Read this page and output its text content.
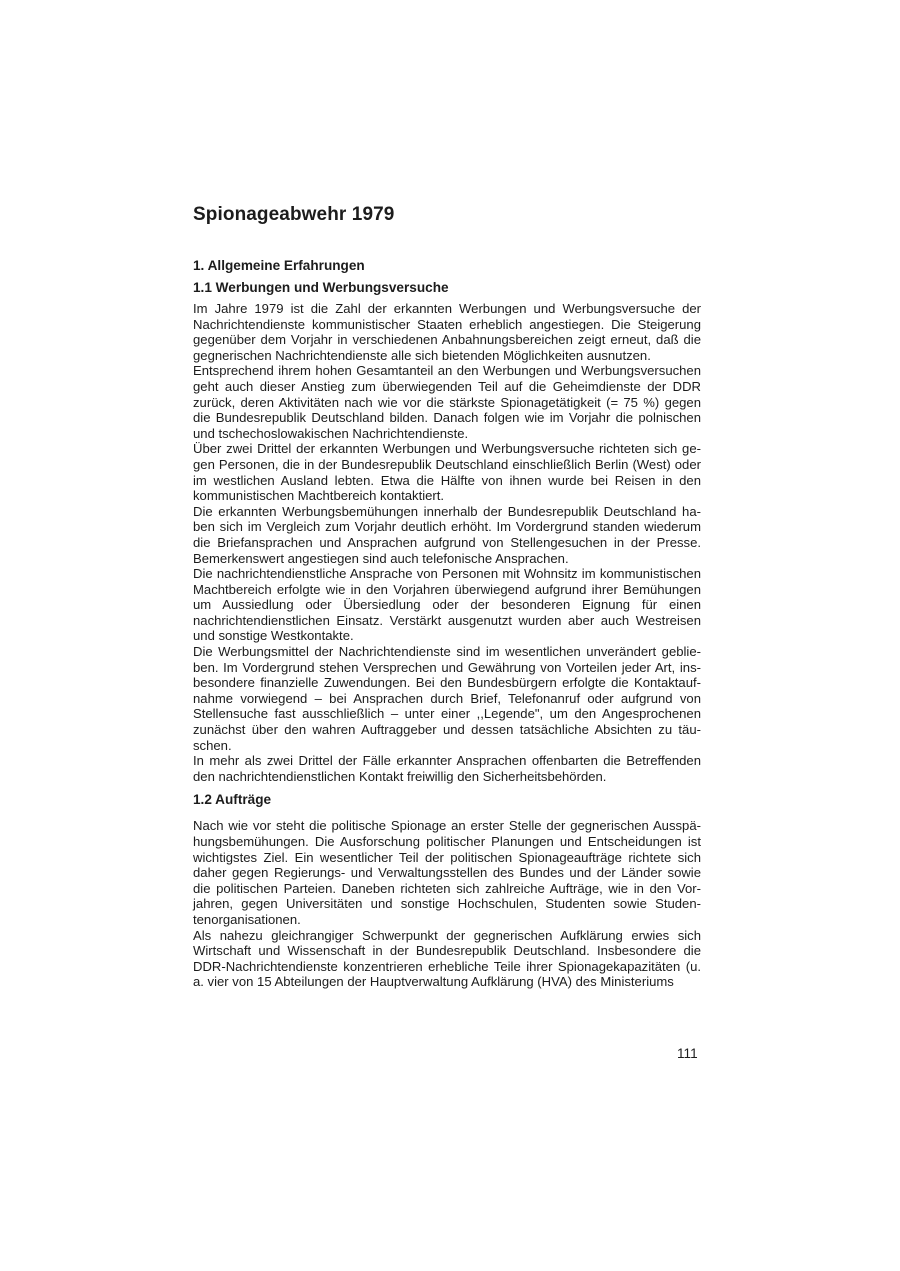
Spionageabwehr 1979
1. Allgemeine Erfahrungen
1.1 Werbungen und Werbungsversuche

Im Jahre 1979 ist die Zahl der erkannten Werbungen und Werbungsversuche der Nachrichtendienste kommunistischer Staaten erheblich angestiegen. Die Steigerung gegenüber dem Vorjahr in verschiedenen Anbahnungsbereichen zeigt erneut, daß die gegnerischen Nachrichtendienste alle sich bietenden Möglichkeiten ausnutzen.

Entsprechend ihrem hohen Gesamtanteil an den Werbungen und Werbungsversuchen geht auch dieser Anstieg zum überwiegenden Teil auf die Geheimdienste der DDR zurück, deren Aktivitäten nach wie vor die stärkste Spionagetätigkeit (= 75 %) gegen die Bundesrepublik Deutschland bilden. Danach folgen wie im Vorjahr die polnischen und tschechoslowakischen Nachrichtendienste.

Über zwei Drittel der erkannten Werbungen und Werbungsversuche richteten sich gegen Personen, die in der Bundesrepublik Deutschland einschließlich Berlin (West) oder im westlichen Ausland lebten. Etwa die Hälfte von ihnen wurde bei Reisen in den kommunistischen Machtbereich kontaktiert.

Die erkannten Werbungsbemühungen innerhalb der Bundesrepublik Deutschland haben sich im Vergleich zum Vorjahr deutlich erhöht. Im Vordergrund standen wiederum die Briefansprachen und Ansprachen aufgrund von Stellengesuchen in der Presse. Bemerkenswert angestiegen sind auch telefonische Ansprachen.

Die nachrichtendienstliche Ansprache von Personen mit Wohnsitz im kommunistischen Machtbereich erfolgte wie in den Vorjahren überwiegend aufgrund ihrer Bemühungen um Aussiedlung oder Übersiedlung oder der besonderen Eignung für einen nachrichtendienstlichen Einsatz. Verstärkt ausgenutzt wurden aber auch Westreisen und sonstige Westkontakte.

Die Werbungsmittel der Nachrichtendienste sind im wesentlichen unverändert geblieben. Im Vordergrund stehen Versprechen und Gewährung von Vorteilen jeder Art, insbesondere finanzielle Zuwendungen. Bei den Bundesbürgern erfolgte die Kontaktaufnahme vorwiegend – bei Ansprachen durch Brief, Telefonanruf oder aufgrund von Stellensuche fast ausschließlich – unter einer ,,Legende", um den Angesprochenen zunächst über den wahren Auftraggeber und dessen tatsächliche Absichten zu täuschen.

In mehr als zwei Drittel der Fälle erkannter Ansprachen offenbarten die Betreffenden den nachrichtendienstlichen Kontakt freiwillig den Sicherheitsbehörden.

1.2 Aufträge

Nach wie vor steht die politische Spionage an erster Stelle der gegnerischen Ausspähungsbemühungen. Die Ausforschung politischer Planungen und Entscheidungen ist wichtigstes Ziel. Ein wesentlicher Teil der politischen Spionageaufträge richtete sich daher gegen Regierungs- und Verwaltungsstellen des Bundes und der Länder sowie die politischen Parteien. Daneben richteten sich zahlreiche Aufträge, wie in den Vorjahren, gegen Universitäten und sonstige Hochschulen, Studenten sowie Studentenorganisationen.

Als nahezu gleichrangiger Schwerpunkt der gegnerischen Aufklärung erwies sich Wirtschaft und Wissenschaft in der Bundesrepublik Deutschland. Insbesondere die DDR-Nachrichtendienste konzentrieren erhebliche Teile ihrer Spionagekapazitäten (u. a. vier von 15 Abteilungen der Hauptverwaltung Aufklärung (HVA) des Ministeriums

111
